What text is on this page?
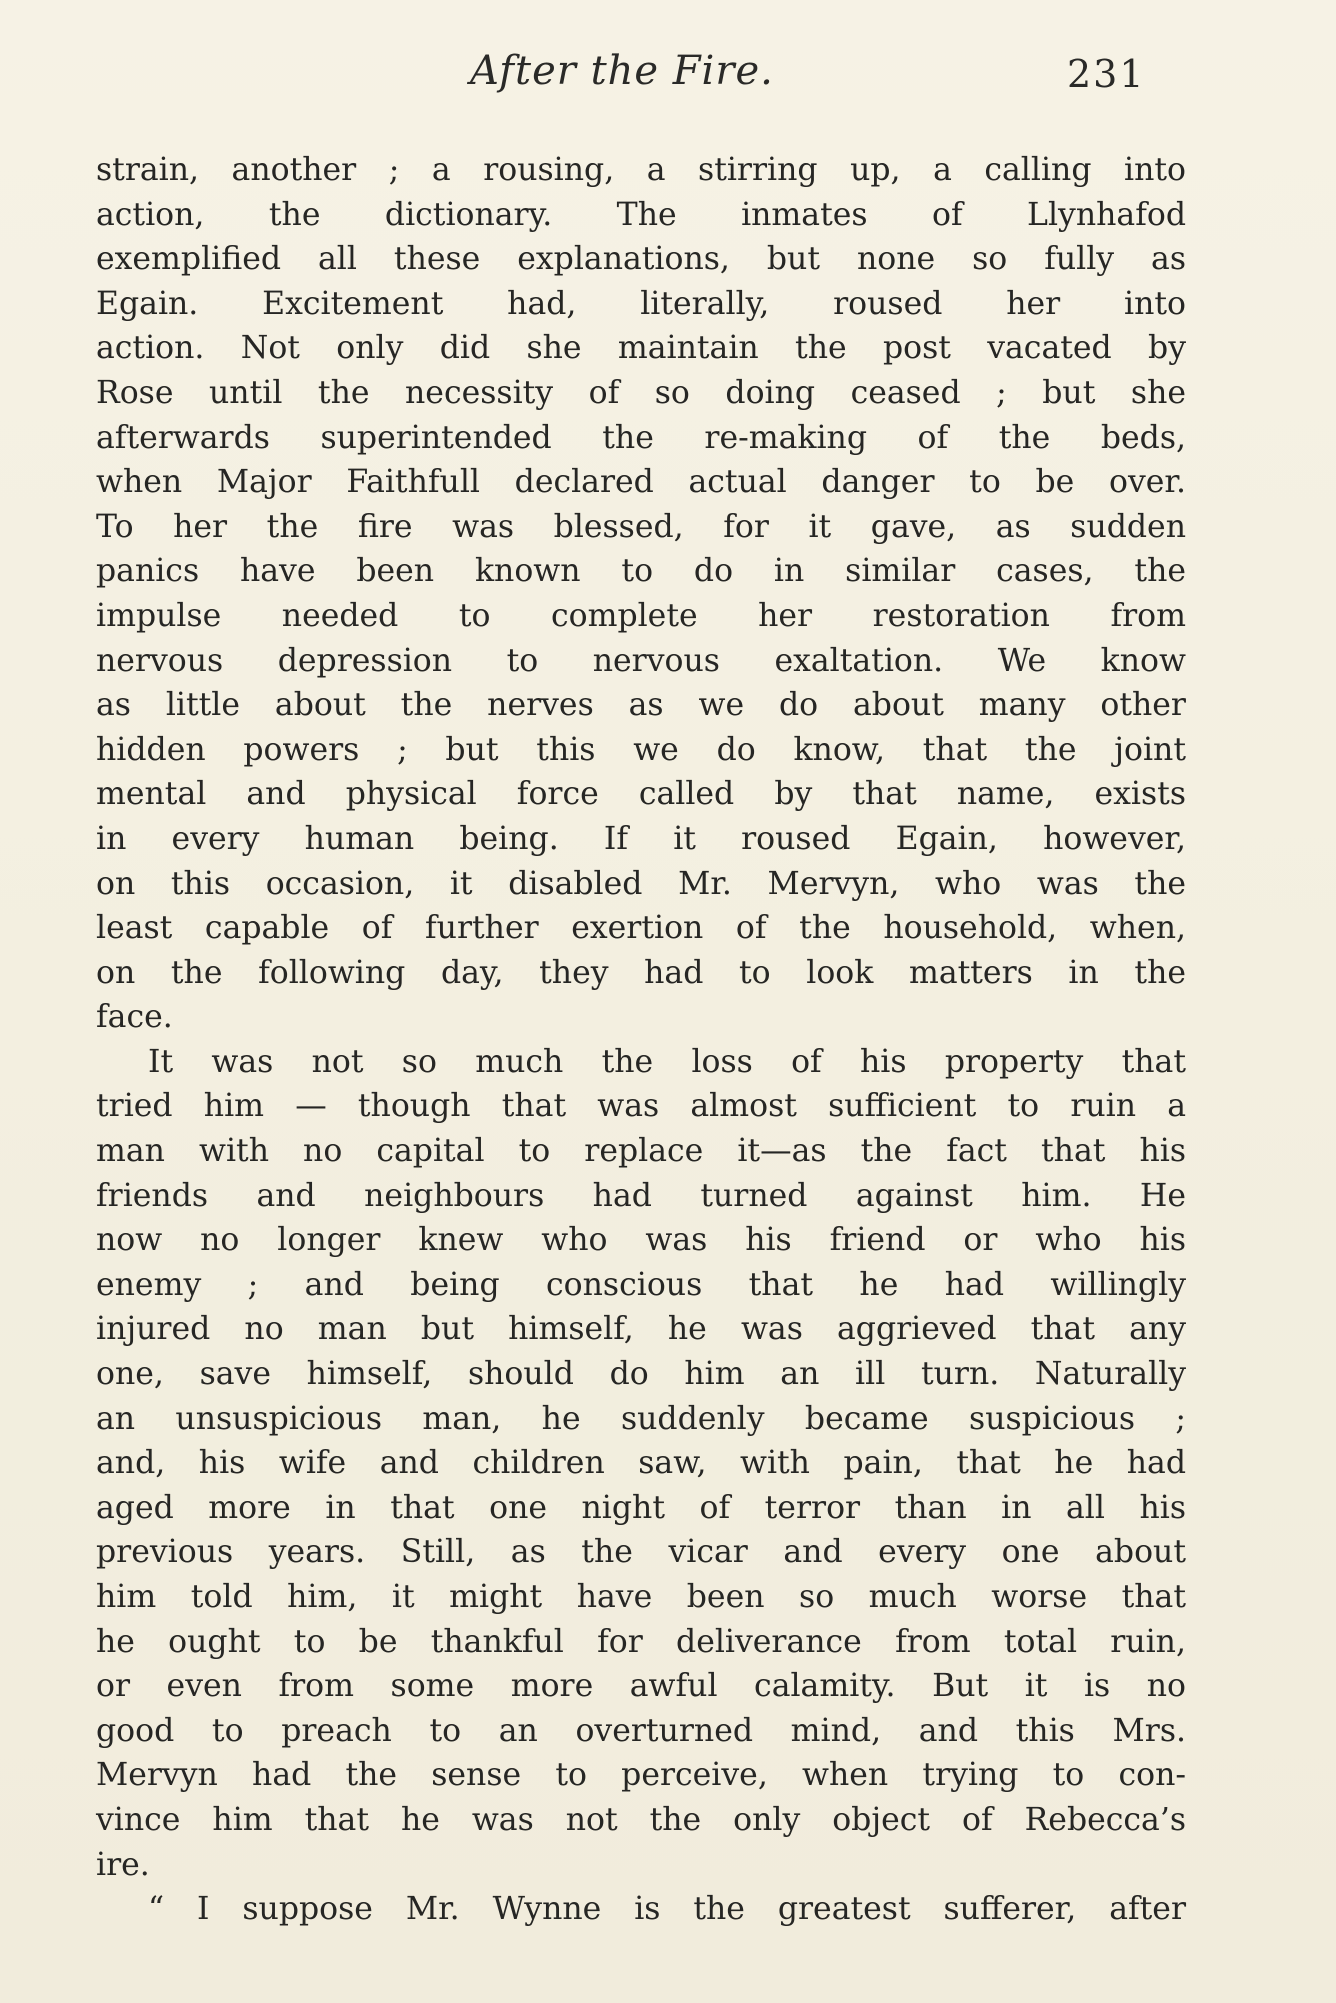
After the Fire.	231
strain, another ; a rousing, a stirring up, a calling into
action, the dictionary. The inmates of Llynhafod
exemplified all these explanations, but none so fully as
Egain. Excitement had, literally, roused her into
action. Not only did she maintain the post vacated by
Rose until the necessity of so doing ceased ; but she
afterwards superintended the re-making of the beds,
when Major Faithfull declared actual danger to be over.
To her the fire was blessed, for it gave, as sudden
panics have been known to do in similar cases, the
impulse needed to complete her restoration from
nervous depression to nervous exaltation. We know
as little about the nerves as we do about many other
hidden powers ; but this we do know, that the joint
mental and physical force called by that name, exists
in every human being. If it roused Egain, however,
on this occasion, it disabled Mr. Mervyn, who was the
least capable of further exertion of the household, when,
on the following day, they had to look matters in the
face.
It was not so much the loss of his property that
tried him — though that was almost sufficient to ruin a
man with no capital to replace it—as the fact that his
friends and neighbours had turned against him. He
now no longer knew who was his friend or who his
enemy ; and being conscious that he had willingly
injured no man but himself, he was aggrieved that any
one, save himself, should do him an ill turn. Naturally
an unsuspicious man, he suddenly became suspicious ;
and, his wife and children saw, with pain, that he had
aged more in that one night of terror than in all his
previous years. Still, as the vicar and every one about
him told him, it might have been so much worse that
he ought to be thankful for deliverance from total ruin,
or even from some more awful calamity. But it is no
good to preach to an overturned mind, and this Mrs.
Mervyn had the sense to perceive, when trying to con-
vince him that he was not the only object of Rebecca’s
ire.
“ I suppose Mr. Wynne is the greatest sufferer, after
